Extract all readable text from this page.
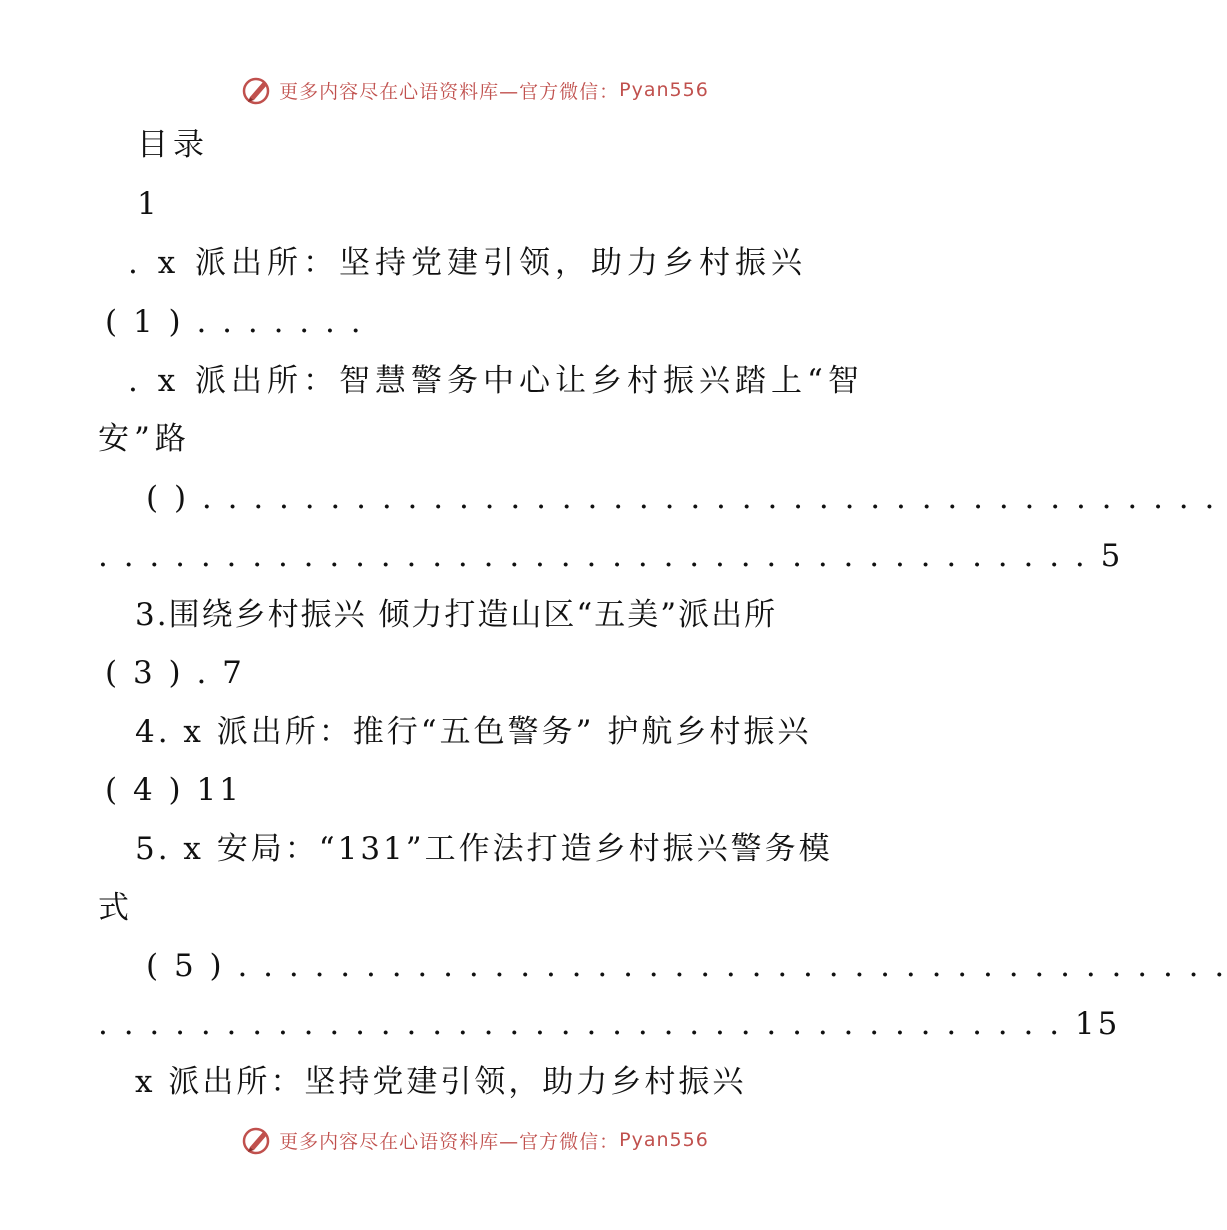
更多内容尽在心语资料库—官方微信： Pyan556
目录
1
. x 派出所：坚持党建引领，助力乡村振兴
( 1 ) . . . . . . .
. x 派出所：智慧警务中心让乡村振兴踏上“智
安”路
( ) . . . . . . . . . . . . . . . . . . . . . . . . . . . . . . . . . . . . . . . .
. . . . . . . . . . . . . . . . . . . . . . . . . . . . . . . . . . . . . . . 5
3.围绕乡村振兴 倾力打造山区“五美”派出所
( 3 ) . 7
4. x 派出所：推行“五色警务” 护航乡村振兴
( 4 ) 11
5. x 安局：“131”工作法打造乡村振兴警务模
式
( 5 ) . . . . . . . . . . . . . . . . . . . . . . . . . . . . . . . . . . . . . . .
. . . . . . . . . . . . . . . . . . . . . . . . . . . . . . . . . . . . . . 15
x 派出所：坚持党建引领，助力乡村振兴
更多内容尽在心语资料库—官方微信： Pyan556
